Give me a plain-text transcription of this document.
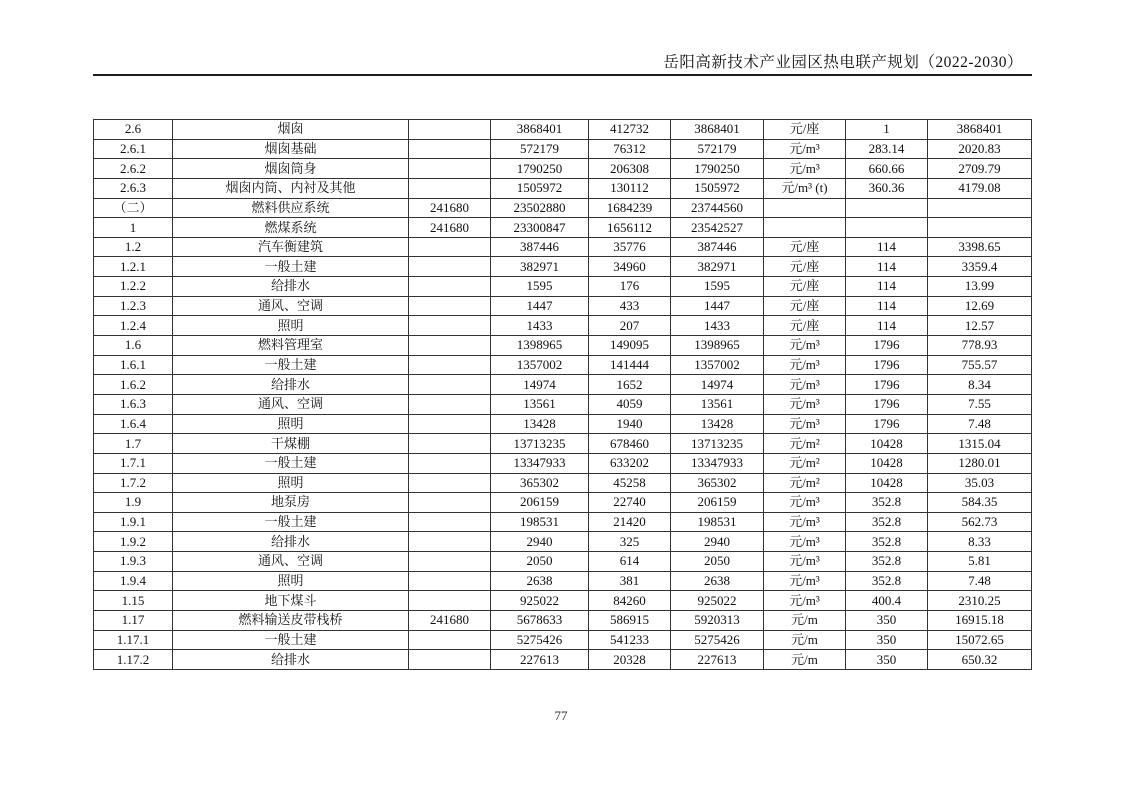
岳阳高新技术产业园区热电联产规划（2022-2030）
2.6	烟囱		3868401	412732	3868401	元/座	1	3868401
2.6.1	烟囱基础		572179	76312	572179	元/m³	283.14	2020.83
2.6.2	烟囱筒身		1790250	206308	1790250	元/m³	660.66	2709.79
2.6.3	烟囱内筒、内衬及其他		1505972	130112	1505972	元/m³ (t)	360.36	4179.08
（二）	燃料供应系统	241680	23502880	1684239	23744560			
1	燃煤系统	241680	23300847	1656112	23542527			
1.2	汽车衡建筑		387446	35776	387446	元/座	114	3398.65
1.2.1	一般土建		382971	34960	382971	元/座	114	3359.4
1.2.2	给排水		1595	176	1595	元/座	114	13.99
1.2.3	通风、空调		1447	433	1447	元/座	114	12.69
1.2.4	照明		1433	207	1433	元/座	114	12.57
1.6	燃料管理室		1398965	149095	1398965	元/m³	1796	778.93
1.6.1	一般土建		1357002	141444	1357002	元/m³	1796	755.57
1.6.2	给排水		14974	1652	14974	元/m³	1796	8.34
1.6.3	通风、空调		13561	4059	13561	元/m³	1796	7.55
1.6.4	照明		13428	1940	13428	元/m³	1796	7.48
1.7	干煤棚		13713235	678460	13713235	元/m²	10428	1315.04
1.7.1	一般土建		13347933	633202	13347933	元/m²	10428	1280.01
1.7.2	照明		365302	45258	365302	元/m²	10428	35.03
1.9	地泵房		206159	22740	206159	元/m³	352.8	584.35
1.9.1	一般土建		198531	21420	198531	元/m³	352.8	562.73
1.9.2	给排水		2940	325	2940	元/m³	352.8	8.33
1.9.3	通风、空调		2050	614	2050	元/m³	352.8	5.81
1.9.4	照明		2638	381	2638	元/m³	352.8	7.48
1.15	地下煤斗		925022	84260	925022	元/m³	400.4	2310.25
1.17	燃料输送皮带栈桥	241680	5678633	586915	5920313	元/m	350	16915.18
1.17.1	一般土建		5275426	541233	5275426	元/m	350	15072.65
1.17.2	给排水		227613	20328	227613	元/m	350	650.32
77
